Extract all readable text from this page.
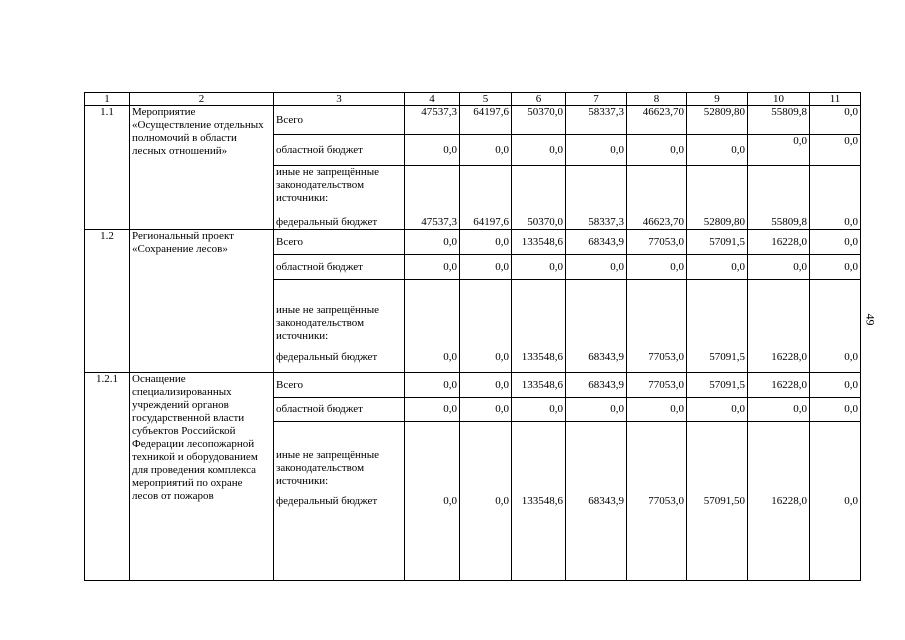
49
1	2	3	4	5	6	7	8	9	10	11
1.1	Мероприятие «Осуществление отдельных полномочий в области лесных отношений»	Всего	47537,3	64197,6	50370,0	58337,3	46623,70	52809,80	55809,8	0,0
		областной бюджет	0,0	0,0	0,0	0,0	0,0	0,0	0,0	0,0
		иные не запрещённые законодательством источники:								
		федеральный бюджет	47537,3	64197,6	50370,0	58337,3	46623,70	52809,80	55809,8	0,0
1.2	Региональный проект «Сохранение лесов»	Всего	0,0	0,0	133548,6	68343,9	77053,0	57091,5	16228,0	0,0
		областной бюджет	0,0	0,0	0,0	0,0	0,0	0,0	0,0	0,0
		иные не запрещённые законодательством источники:								
		федеральный бюджет	0,0	0,0	133548,6	68343,9	77053,0	57091,5	16228,0	0,0
1.2.1	Оснащение специализированных учреждений органов государственной власти субъектов Российской Федерации лесопожарной техникой и оборудованием для проведения комплекса мероприятий по охране лесов от пожаров	Всего	0,0	0,0	133548,6	68343,9	77053,0	57091,5	16228,0	0,0
		областной бюджет	0,0	0,0	0,0	0,0	0,0	0,0	0,0	0,0
		иные не запрещённые законодательством источники:								
		федеральный бюджет	0,0	0,0	133548,6	68343,9	77053,0	57091,50	16228,0	0,0
